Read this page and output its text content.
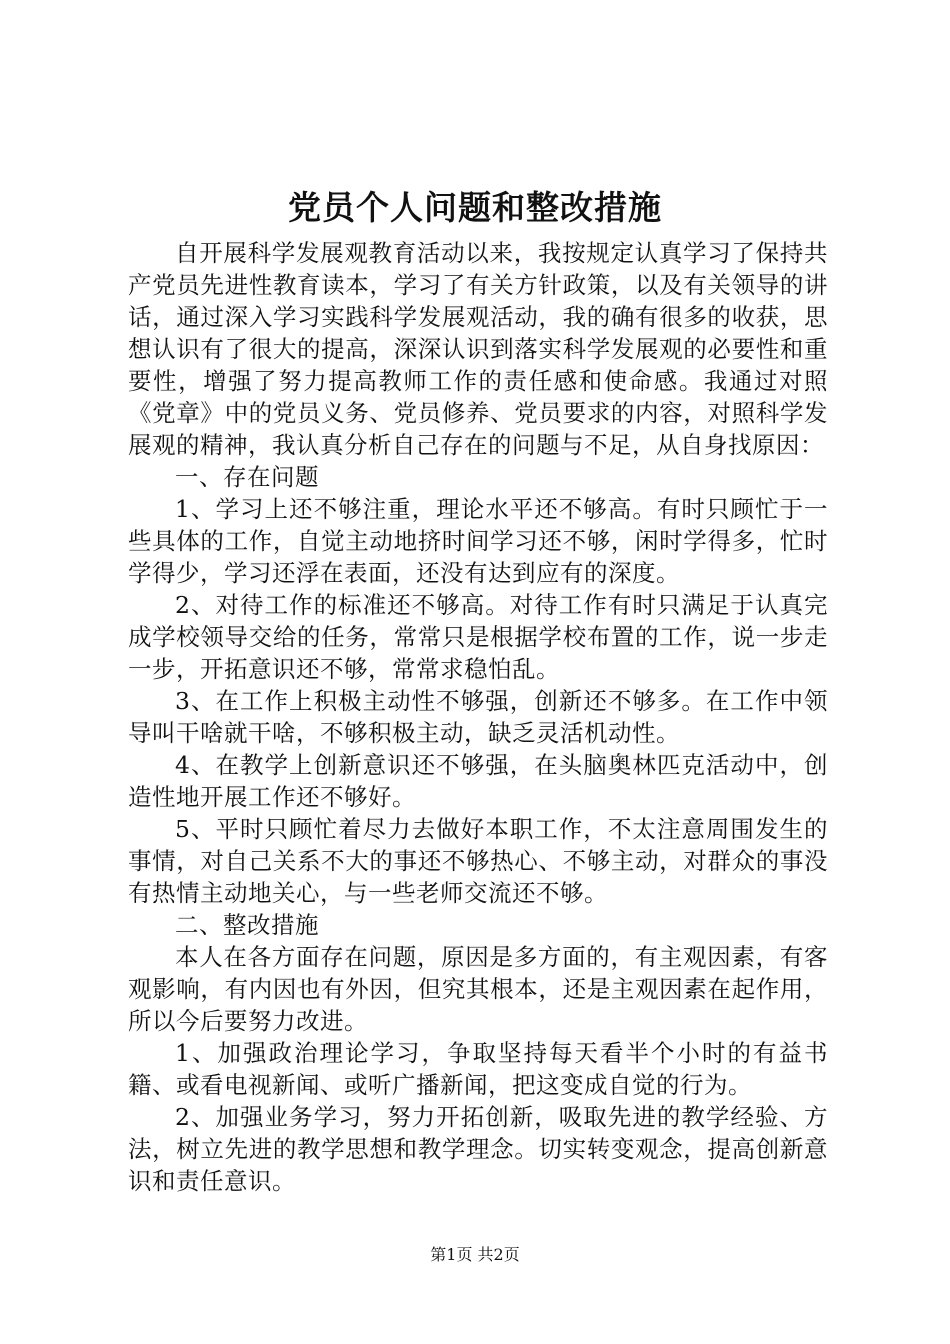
党员个人问题和整改措施

自开展科学发展观教育活动以来，我按规定认真学习了保持共产党员先进性教育读本，学习了有关方针政策，以及有关领导的讲话，通过深入学习实践科学发展观活动，我的确有很多的收获，思想认识有了很大的提高，深深认识到落实科学发展观的必要性和重要性，增强了努力提高教师工作的责任感和使命感。我通过对照《党章》中的党员义务、党员修养、党员要求的内容，对照科学发展观的精神，我认真分析自己存在的问题与不足，从自身找原因：

一、存在问题

1、学习上还不够注重，理论水平还不够高。有时只顾忙于一些具体的工作，自觉主动地挤时间学习还不够，闲时学得多，忙时学得少，学习还浮在表面，还没有达到应有的深度。

2、对待工作的标准还不够高。对待工作有时只满足于认真完成学校领导交给的任务，常常只是根据学校布置的工作，说一步走一步，开拓意识还不够，常常求稳怕乱。

3、在工作上积极主动性不够强，创新还不够多。在工作中领导叫干啥就干啥，不够积极主动，缺乏灵活机动性。

4、在教学上创新意识还不够强，在头脑奥林匹克活动中，创造性地开展工作还不够好。

5、平时只顾忙着尽力去做好本职工作，不太注意周围发生的事情，对自己关系不大的事还不够热心、不够主动，对群众的事没有热情主动地关心，与一些老师交流还不够。

二、整改措施

本人在各方面存在问题，原因是多方面的，有主观因素，有客观影响，有内因也有外因，但究其根本，还是主观因素在起作用，所以今后要努力改进。

1、加强政治理论学习，争取坚持每天看半个小时的有益书籍、或看电视新闻、或听广播新闻，把这变成自觉的行为。

2、加强业务学习，努力开拓创新，吸取先进的教学经验、方法，树立先进的教学思想和教学理念。切实转变观念，提高创新意识和责任意识。

第1页 共2页
